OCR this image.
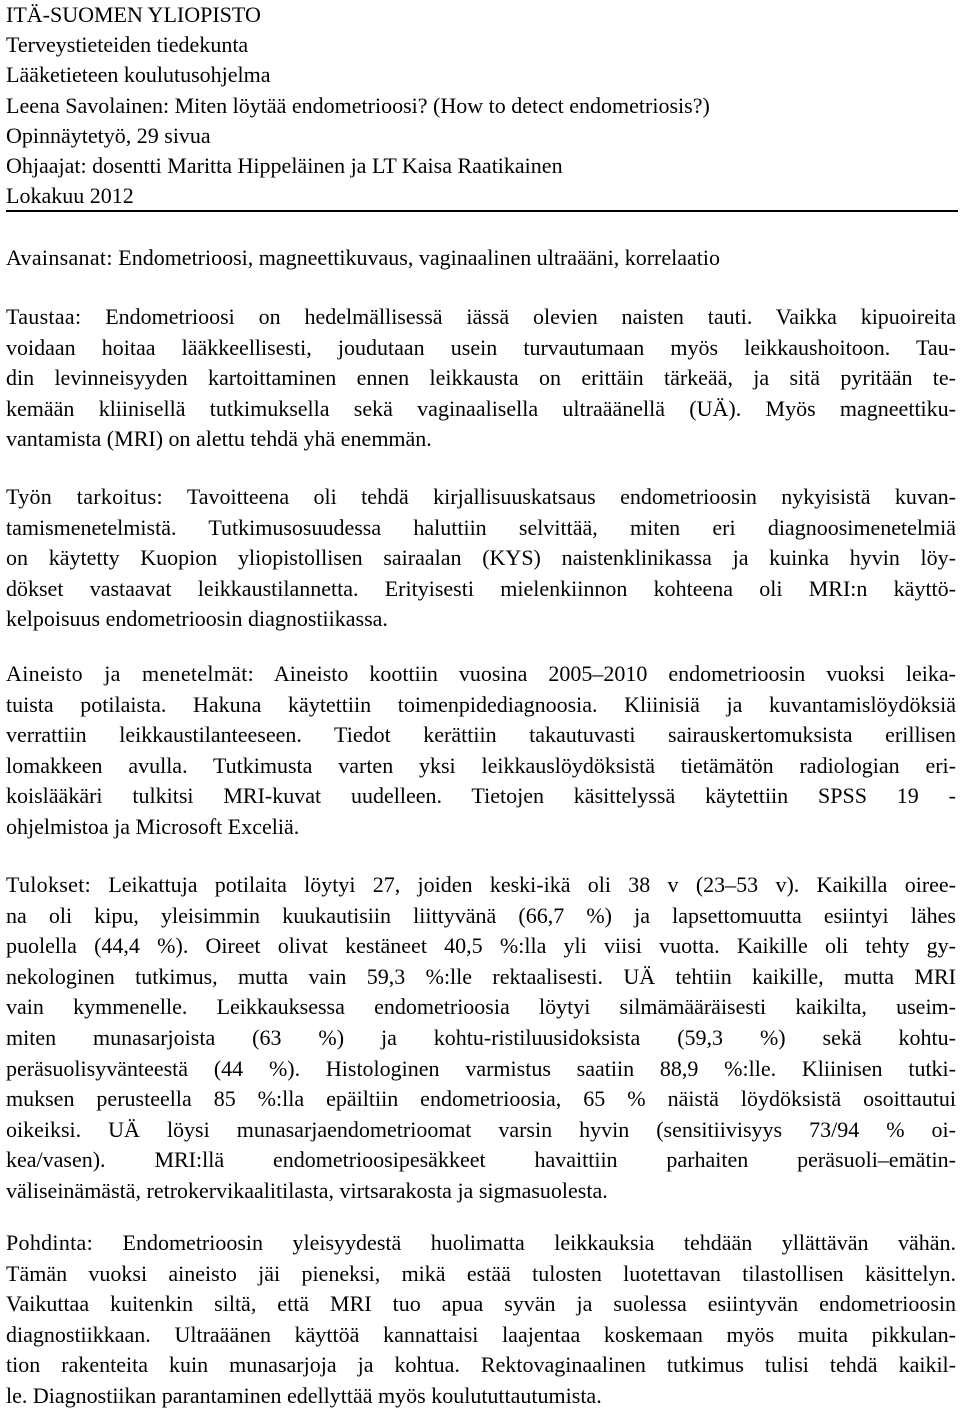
ITÄ-SUOMEN YLIOPISTO
Terveystieteiden tiedekunta
Lääketieteen koulutusohjelma
Leena Savolainen: Miten löytää endometrioosi? (How to detect endometriosis?)
Opinnäytetyö, 29 sivua
Ohjaajat: dosentti Maritta Hippeläinen ja LT Kaisa Raatikainen
Lokakuu 2012
Avainsanat: Endometrioosi, magneettikuvaus, vaginaalinen ultraääni, korrelaatio
Taustaa: Endometrioosi on hedelmällisessä iässä olevien naisten tauti. Vaikka kipuoireita
voidaan hoitaa lääkkeellisesti, joudutaan usein turvautumaan myös leikkaushoitoon. Tau-
din levinneisyyden kartoittaminen ennen leikkausta on erittäin tärkeää, ja sitä pyritään te-
kemään kliinisellä tutkimuksella sekä vaginaalisella ultraäänellä (UÄ). Myös magneettiku-
vantamista (MRI) on alettu tehdä yhä enemmän.
Työn tarkoitus: Tavoitteena oli tehdä kirjallisuuskatsaus endometrioosin nykyisistä kuvan-
tamismenetelmistä. Tutkimusosuudessa haluttiin selvittää, miten eri diagnoosimenetelmiä
on käytetty Kuopion yliopistollisen sairaalan (KYS) naistenklinikassa ja kuinka hyvin löy-
dökset vastaavat leikkaustilannetta. Erityisesti mielenkiinnon kohteena oli MRI:n käyttö-
kelpoisuus endometrioosin diagnostiikassa.
Aineisto ja menetelmät: Aineisto koottiin vuosina 2005–2010 endometrioosin vuoksi leika-
tuista potilaista. Hakuna käytettiin toimenpidediagnoosia. Kliinisiä ja kuvantamislöydöksiä
verrattiin leikkaustilanteeseen. Tiedot kerättiin takautuvasti sairauskertomuksista erillisen
lomakkeen avulla. Tutkimusta varten yksi leikkauslöydöksistä tietämätön radiologian eri-
koislääkäri tulkitsi MRI-kuvat uudelleen. Tietojen käsittelyssä käytettiin SPSS 19 -
ohjelmistoa ja Microsoft Exceliä.
Tulokset: Leikattuja potilaita löytyi 27, joiden keski-ikä oli 38 v (23–53 v). Kaikilla oiree-
na oli kipu, yleisimmin kuukautisiin liittyvänä (66,7 %) ja lapsettomuutta esiintyi lähes
puolella (44,4 %). Oireet olivat kestäneet 40,5 %:lla yli viisi vuotta. Kaikille oli tehty gy-
nekologinen tutkimus, mutta vain 59,3 %:lle rektaalisesti. UÄ tehtiin kaikille, mutta MRI
vain kymmenelle. Leikkauksessa endometrioosia löytyi silmämääräisesti kaikilta, useim-
miten munasarjoista (63 %) ja kohtu-ristiluusidoksista (59,3 %) sekä kohtu-
peräsuolisyvänteestä (44 %). Histologinen varmistus saatiin 88,9 %:lle. Kliinisen tutki-
muksen perusteella 85 %:lla epäiltiin endometrioosia, 65 % näistä löydöksistä osoittautui
oikeiksi. UÄ löysi munasarjaendometrioomat varsin hyvin (sensitiivisyys 73/94 % oi-
kea/vasen). MRI:llä endometrioosipesäkkeet havaittiin parhaiten peräsuoli–emätin-
väliseinämästä, retrokervikaalitilasta, virtsarakosta ja sigmasuolesta.
Pohdinta: Endometrioosin yleisyydestä huolimatta leikkauksia tehdään yllättävän vähän.
Tämän vuoksi aineisto jäi pieneksi, mikä estää tulosten luotettavan tilastollisen käsittelyn.
Vaikuttaa kuitenkin siltä, että MRI tuo apua syvän ja suolessa esiintyvän endometrioosin
diagnostiikkaan. Ultraäänen käyttöä kannattaisi laajentaa koskemaan myös muita pikkulan-
tion rakenteita kuin munasarjoja ja kohtua. Rektovaginaalinen tutkimus tulisi tehdä kaikil-
le. Diagnostiikan parantaminen edellyttää myös koulututtautumista.
